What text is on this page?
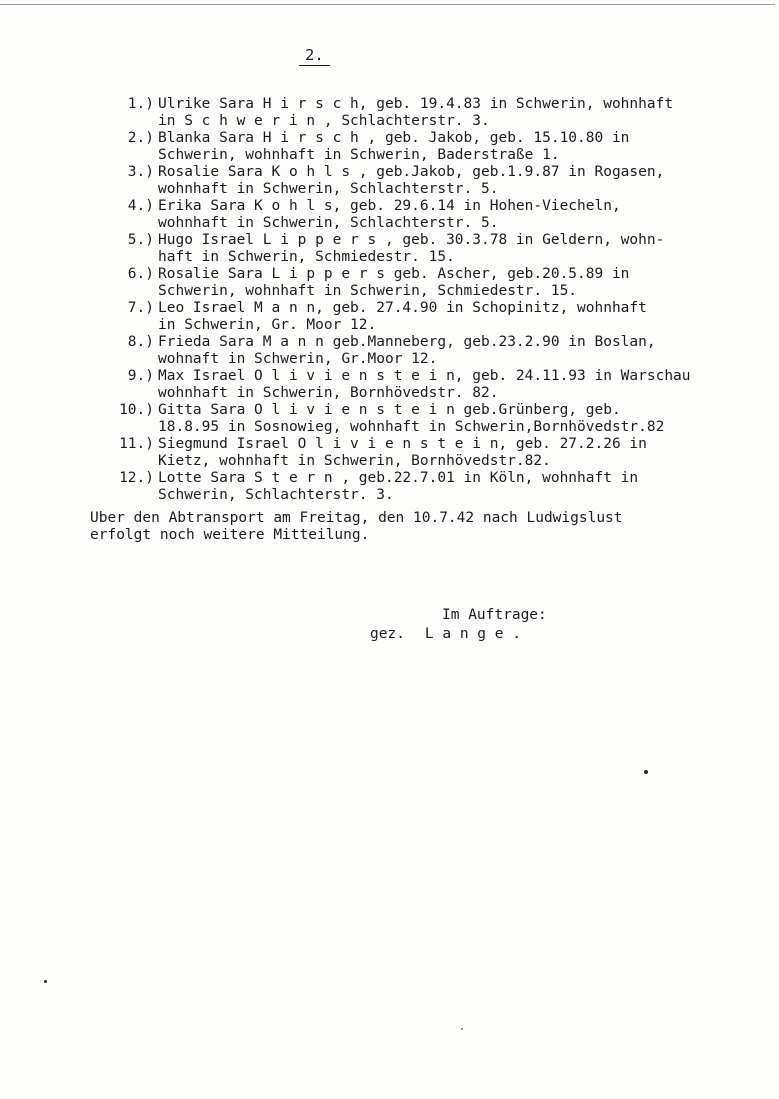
2.
1.) Ulrike Sara H i r s c h, geb. 19.4.83 in Schwerin, wohnhaft
in S c h w e r i n , Schlachterstr. 3.
2.) Blanka Sara H i r s c h , geb. Jakob, geb. 15.10.80 in
Schwerin, wohnhaft in Schwerin, Baderstraße 1.
3.) Rosalie Sara K o h l s , geb.Jakob, geb.1.9.87 in Rogasen,
wohnhaft in Schwerin, Schlachterstr. 5.
4.) Erika Sara K o h l s, geb. 29.6.14 in Hohen-Viecheln,
wohnhaft in Schwerin, Schlachterstr. 5.
5.) Hugo Israel L i p p e r s , geb. 30.3.78 in Geldern, wohn-
haft in Schwerin, Schmiedestr. 15.
6.) Rosalie Sara L i p p e r s geb. Ascher, geb.20.5.89 in
Schwerin, wohnhaft in Schwerin, Schmiedestr. 15.
7.) Leo Israel M a n n, geb. 27.4.90 in Schopinitz, wohnhaft
in Schwerin, Gr. Moor 12.
8.) Frieda Sara M a n n geb.Manneberg, geb.23.2.90 in Boslan,
wohnaft in Schwerin, Gr.Moor 12.
9.) Max Israel O l i v i e n s t e i n, geb. 24.11.93 in Warschau
wohnhaft in Schwerin, Bornhövedstr. 82.
10.) Gitta Sara O l i v i e n s t e i n geb.Grünberg, geb.
18.8.95 in Sosnowieg, wohnhaft in Schwerin,Bornhövedstr.82
11.) Siegmund Israel O l i v i e n s t e i n, geb. 27.2.26 in
Kietz, wohnhaft in Schwerin, Bornhövedstr.82.
12.) Lotte Sara S t e r n , geb.22.7.01 in Köln, wohnhaft in
Schwerin, Schlachterstr. 3.
Über den Abtransport am Freitag, den 10.7.42 nach Ludwigslust
erfolgt noch weitere Mitteilung.
Im Auftrage:
gez. L a n g e .
